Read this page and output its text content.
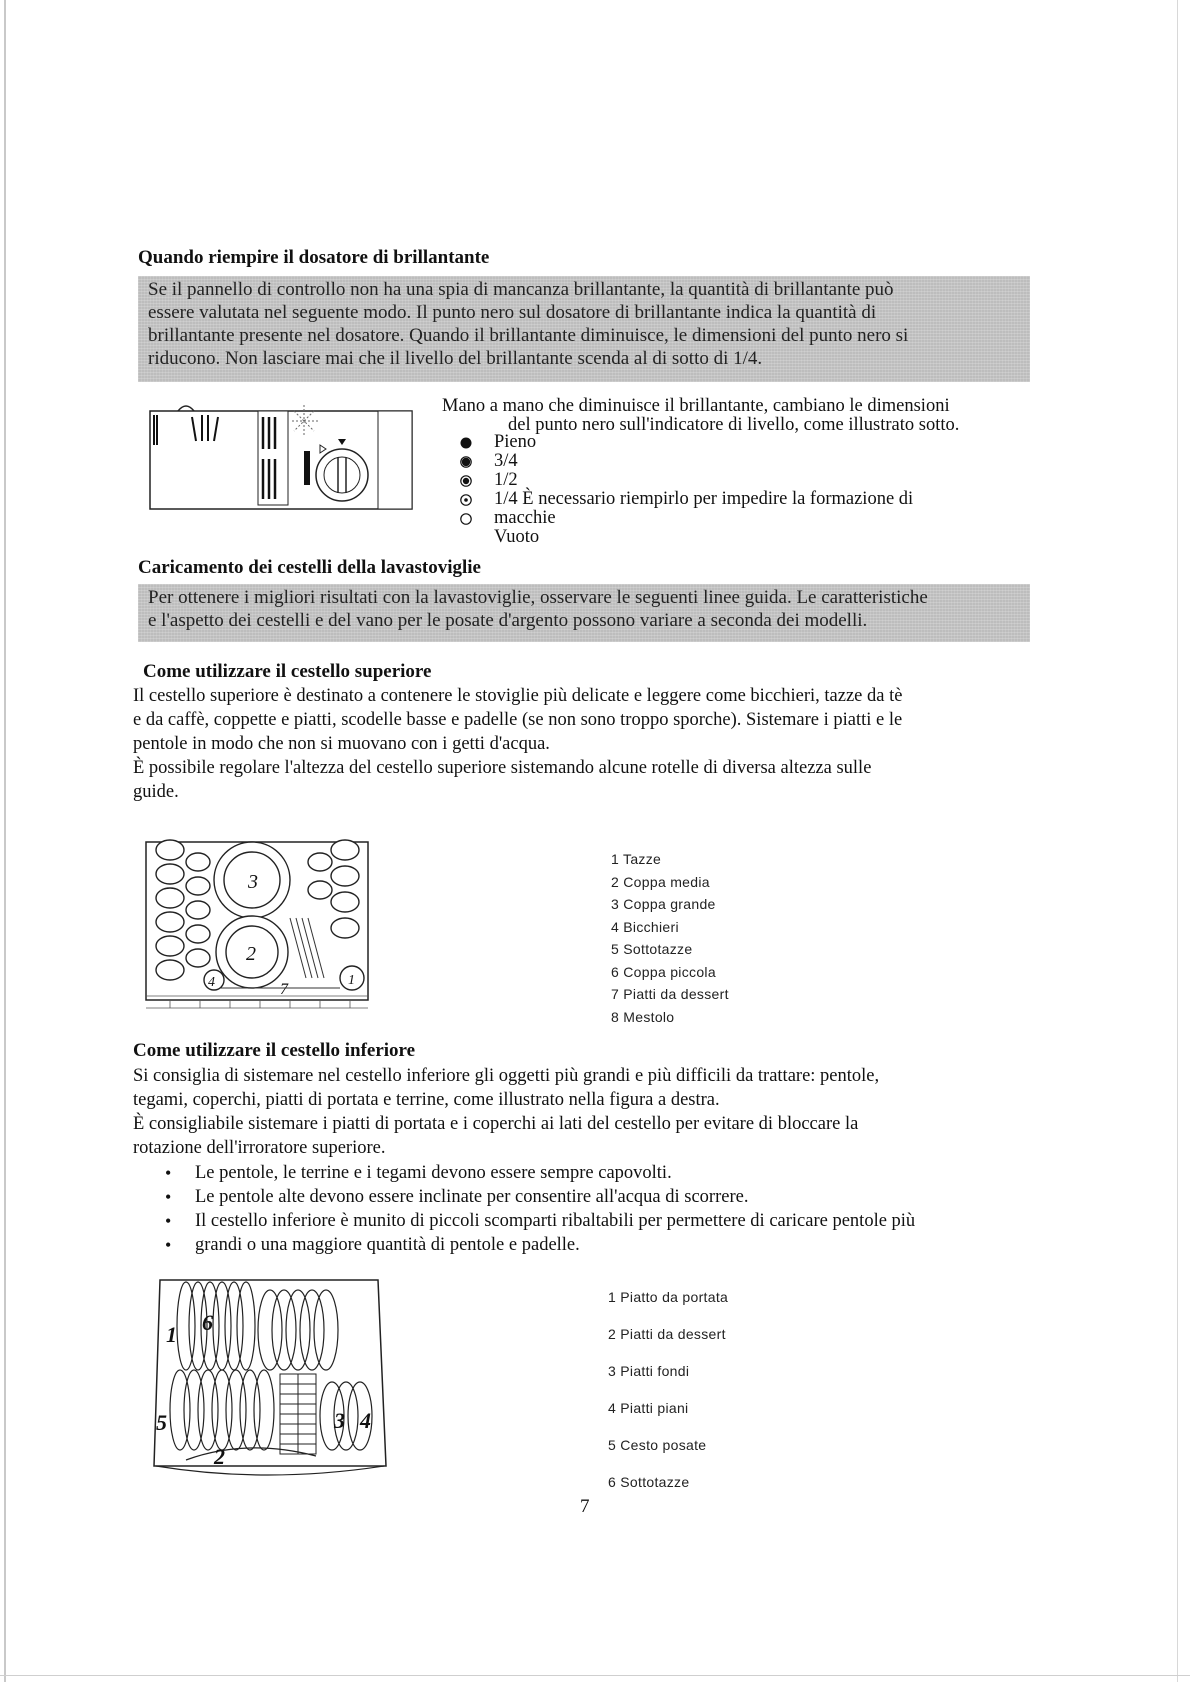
Quando riempire il dosatore di brillantante
Se il pannello di controllo non ha una spia di mancanza brillantante, la quantità di brillantante può
essere valutata nel seguente modo. Il punto nero sul dosatore di brillantante indica la quantità di
brillantante presente nel dosatore. Quando il brillantante diminuisce, le dimensioni del punto nero si
riducono. Non lasciare mai che il livello del brillantante scenda al di sotto di 1/4.
Mano a mano che diminuisce il brillantante, cambiano le dimensioni
del punto nero sull'indicatore di livello, come illustrato sotto.
Pieno
3/4
1/2
1/4 È necessario riempirlo per impedire la formazione di
macchie
Vuoto
Caricamento dei cestelli della lavastoviglie
Per ottenere i migliori risultati con la lavastoviglie, osservare le seguenti linee guida. Le caratteristiche
e l'aspetto dei cestelli e del vano per le posate d'argento possono variare a seconda dei modelli.
Come utilizzare il cestello superiore
Il cestello superiore è destinato a contenere le stoviglie più delicate e leggere come bicchieri, tazze da tè
e da caffè, coppette e piatti, scodelle basse e padelle (se non sono troppo sporche). Sistemare i piatti e le
pentole in modo che non si muovano con i getti d'acqua.
È possibile regolare l'altezza del cestello superiore sistemando alcune rotelle di diversa altezza sulle
guide.
3
2
4	7
1
1 Tazze
2 Coppa media
3 Coppa grande
4 Bicchieri
5 Sottotazze
6 Coppa piccola
7 Piatti da dessert
8 Mestolo
Come utilizzare il cestello inferiore
Si consiglia di sistemare nel cestello inferiore gli oggetti più grandi e più difficili da trattare: pentole,
tegami, coperchi, piatti di portata e terrine, come illustrato nella figura a destra.
È consigliabile sistemare i piatti di portata e i coperchi ai lati del cestello per evitare di bloccare la
rotazione dell'irroratore superiore.
• Le pentole, le terrine e i tegami devono essere sempre capovolti.
• Le pentole alte devono essere inclinate per consentire all'acqua di scorrere.
• Il cestello inferiore è munito di piccoli scomparti ribaltabili per permettere di caricare pentole più
• grandi o una maggiore quantità di pentole e padelle.
1
2
3 4
5
6
1 Piatto da portata
2 Piatti da dessert
3 Piatti fondi
4 Piatti piani
5 Cesto posate
6 Sottotazze
7
